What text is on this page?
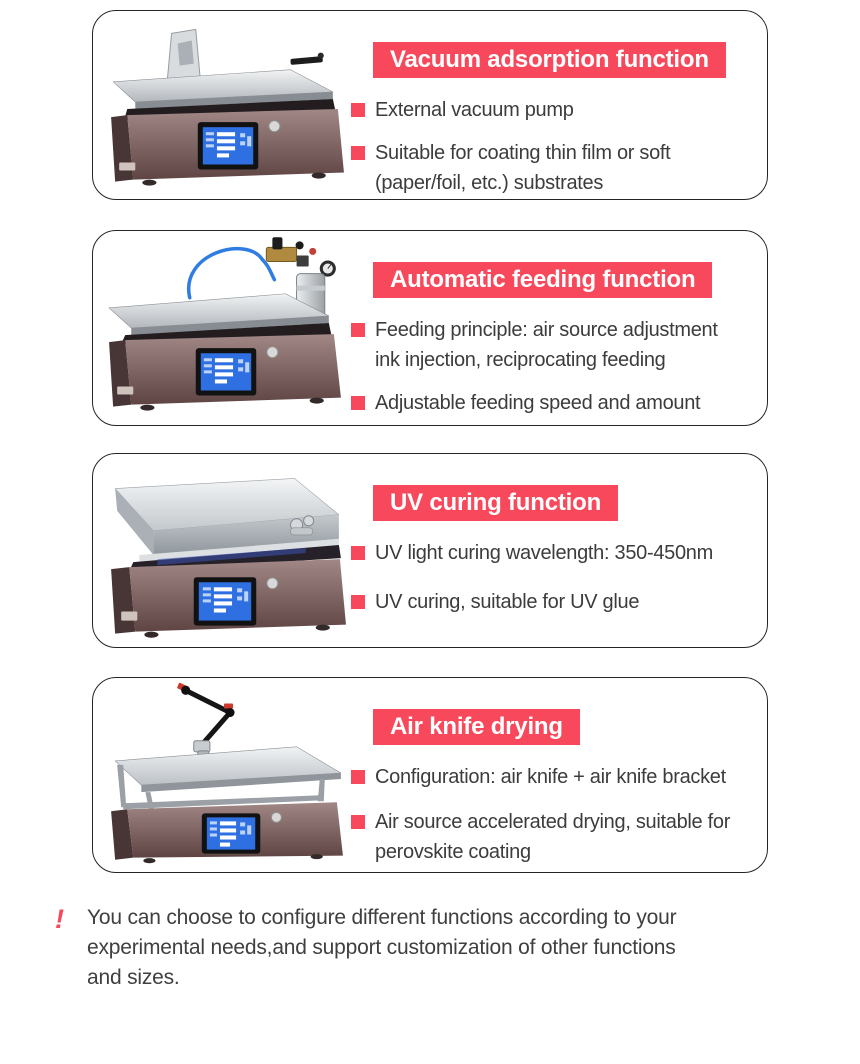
Vacuum adsorption function
External vacuum pump
Suitable for coating thin film or soft
(paper/foil, etc.) substrates
Automatic feeding function
Feeding principle: air source adjustment
ink injection, reciprocating feeding
Adjustable feeding speed and amount
UV curing function
UV light curing wavelength: 350-450nm
UV curing, suitable for UV glue
Air knife drying
Configuration: air knife + air knife bracket
Air source accelerated drying, suitable for
perovskite coating
!	You can choose to configure different functions according to your
experimental needs,and support customization of other functions
and sizes.
